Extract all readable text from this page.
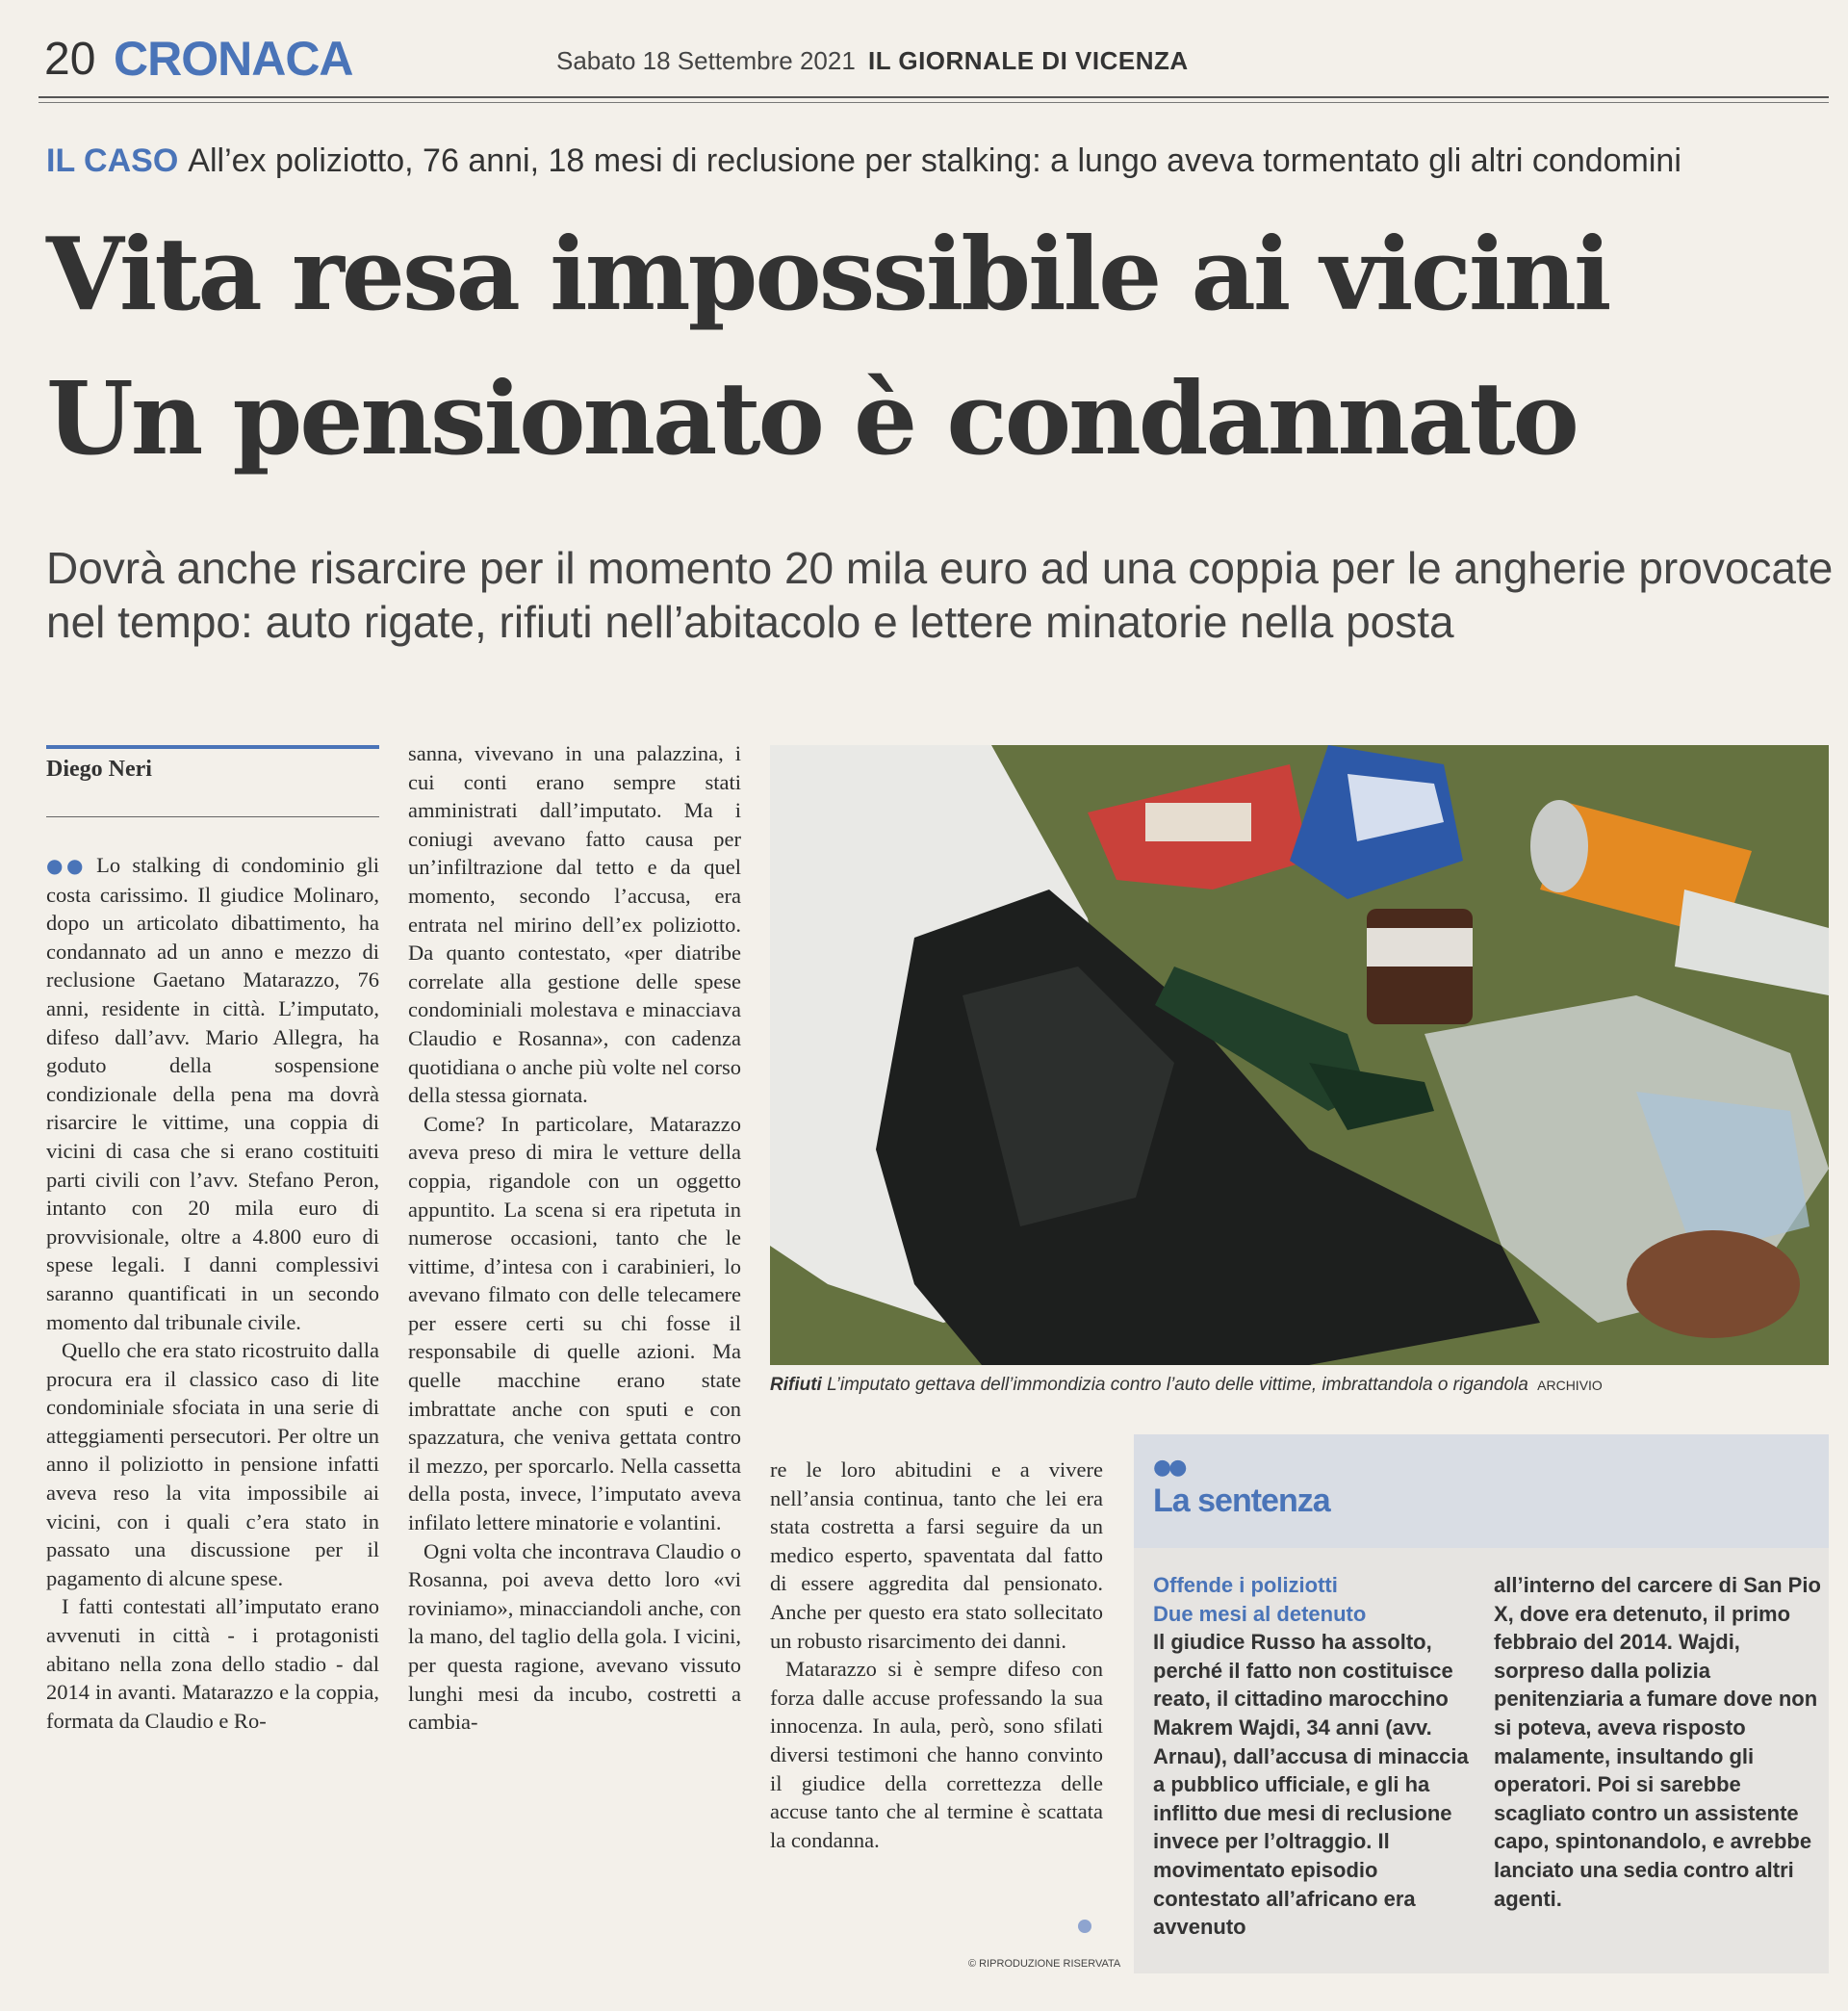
20 CRONACA	Sabato 18 Settembre 2021 IL GIORNALE DI VICENZA
IL CASO All’ex poliziotto, 76 anni, 18 mesi di reclusione per stalking: a lungo aveva tormentato gli altri condomini
Vita resa impossibile ai vicini
Un pensionato è condannato
Dovrà anche risarcire per il momento 20 mila euro ad una coppia per le angherie provocate nel tempo: auto rigate, rifiuti nell’abitacolo e lettere minatorie nella posta
Diego Neri

●● Lo stalking di condominio gli costa carissimo. Il giudice Molinaro, dopo un articolato dibattimento, ha condannato ad un anno e mezzo di reclusione Gaetano Matarazzo, 76 anni, residente in città. L’imputato, difeso dall’avv. Mario Allegra, ha goduto della sospensione condizionale della pena ma dovrà risarcire le vittime, una coppia di vicini di casa che si erano costituiti parti civili con l’avv. Stefano Peron, intanto con 20 mila euro di provvisionale, oltre a 4.800 euro di spese legali. I danni complessivi saranno quantificati in un secondo momento dal tribunale civile.

Quello che era stato ricostruito dalla procura era il classico caso di lite condominiale sfociata in una serie di atteggiamenti persecutori. Per oltre un anno il poliziotto in pensione infatti aveva reso la vita impossibile ai vicini, con i quali c’era stato in passato una discussione per il pagamento di alcune spese.

I fatti contestati all’imputato erano avvenuti in città - i protagonisti abitano nella zona dello stadio - dal 2014 in avanti. Matarazzo e la coppia, formata da Claudio e Ro-

sanna, vivevano in una palazzina, i cui conti erano sempre stati amministrati dall’imputato. Ma i coniugi avevano fatto causa per un’infiltrazione dal tetto e da quel momento, secondo l’accusa, era entrata nel mirino dell’ex poliziotto. Da quanto contestato, «per diatribe correlate alla gestione delle spese condominiali molestava e minacciava Claudio e Rosanna», con cadenza quotidiana o anche più volte nel corso della stessa giornata.

Come? In particolare, Matarazzo aveva preso di mira le vetture della coppia, rigandole con un oggetto appuntito. La scena si era ripetuta in numerose occasioni, tanto che le vittime, d’intesa con i carabinieri, lo avevano filmato con delle telecamere per essere certi su chi fosse il responsabile di quelle azioni. Ma quelle macchine erano state imbrattate anche con sputi e con spazzatura, che veniva gettata contro il mezzo, per sporcarlo. Nella cassetta della posta, invece, l’imputato aveva infilato lettere minatorie e volantini.

Ogni volta che incontrava Claudio o Rosanna, poi aveva detto loro «vi roviniamo», minacciandoli anche, con la mano, del taglio della gola. I vicini, per questa ragione, avevano vissuto lunghi mesi da incubo, costretti a cambia-

Rifiuti L’imputato gettava dell’immondizia contro l’auto delle vittime, imbrattandola o rigandola ARCHIVIO

re le loro abitudini e a vivere nell’ansia continua, tanto che lei era stata costretta a farsi seguire da un medico esperto, spaventata dal fatto di essere aggredita dal pensionato. Anche per questo era stato sollecitato un robusto risarcimento dei danni.

Matarazzo si è sempre difeso con forza dalle accuse professando la sua innocenza. In aula, però, sono sfilati diversi testimoni che hanno convinto il giudice della correttezza delle accuse tanto che al termine è scattata la condanna.

© RIPRODUZIONE RISERVATA
●●
La sentenza
Offende i poliziotti
Due mesi al detenuto
Il giudice Russo ha assolto, perché il fatto non costituisce reato, il cittadino marocchino Makrem Wajdi, 34 anni (avv. Arnau), dall’accusa di minaccia a pubblico ufficiale, e gli ha inflitto due mesi di reclusione invece per l’oltraggio. Il movimentato episodio contestato all’africano era avvenuto
all’interno del carcere di San Pio X, dove era detenuto, il primo febbraio del 2014. Wajdi, sorpreso dalla polizia penitenziaria a fumare dove non si poteva, aveva risposto malamente, insultando gli operatori. Poi si sarebbe scagliato contro un assistente capo, spintonandolo, e avrebbe lanciato una sedia contro altri agenti.
